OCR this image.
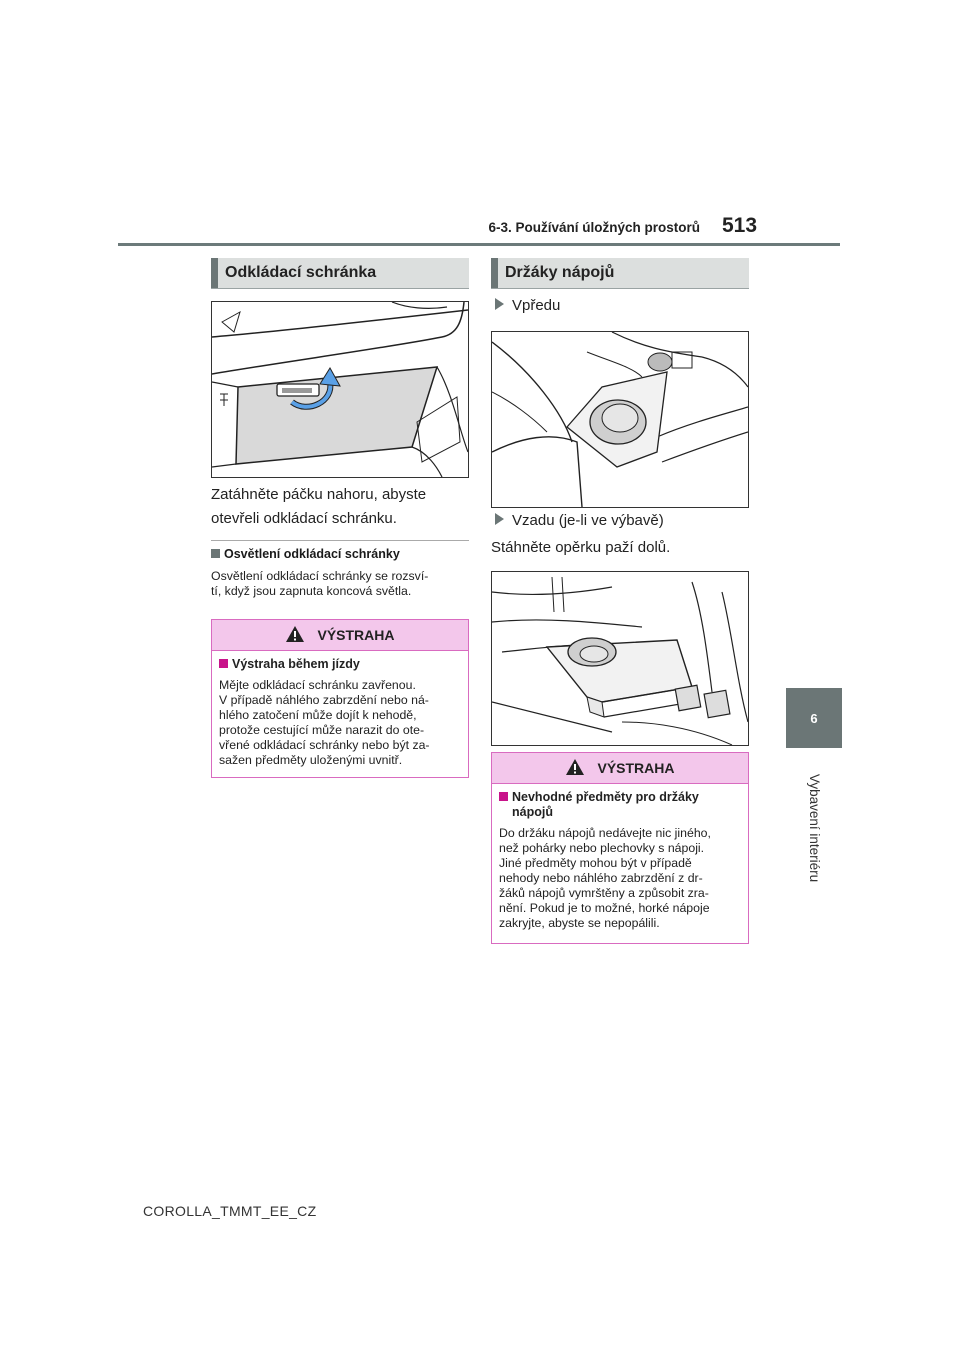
6-3. Používání úložných prostorů 513
6
Vybavení interiéru
Odkládací schránka
Zatáhněte páčku nahoru, abyste
otevřeli odkládací schránku.
Osvětlení odkládací schránky
Osvětlení odkládací schránky se rozsví-
tí, když jsou zapnuta koncová světla.
VÝSTRAHA
Výstraha během jízdy
Mějte odkládací schránku zavřenou.
V případě náhlého zabrzdění nebo ná-
hlého zatočení může dojít k nehodě,
protože cestující může narazit do ote-
vřené odkládací schránky nebo být za-
sažen předměty uloženými uvnitř.
Držáky nápojů
Vpředu
Vzadu (je-li ve výbavě)
Stáhněte opěrku paží dolů.
VÝSTRAHA
Nevhodné předměty pro držáky
nápojů
Do držáku nápojů nedávejte nic jiného,
než pohárky nebo plechovky s nápoji.
Jiné předměty mohou být v případě
nehody nebo náhlého zabrzdění z dr-
žáků nápojů vymrštěny a způsobit zra-
nění. Pokud je to možné, horké nápoje
zakryjte, abyste se nepopálili.
COROLLA_TMMT_EE_CZ
